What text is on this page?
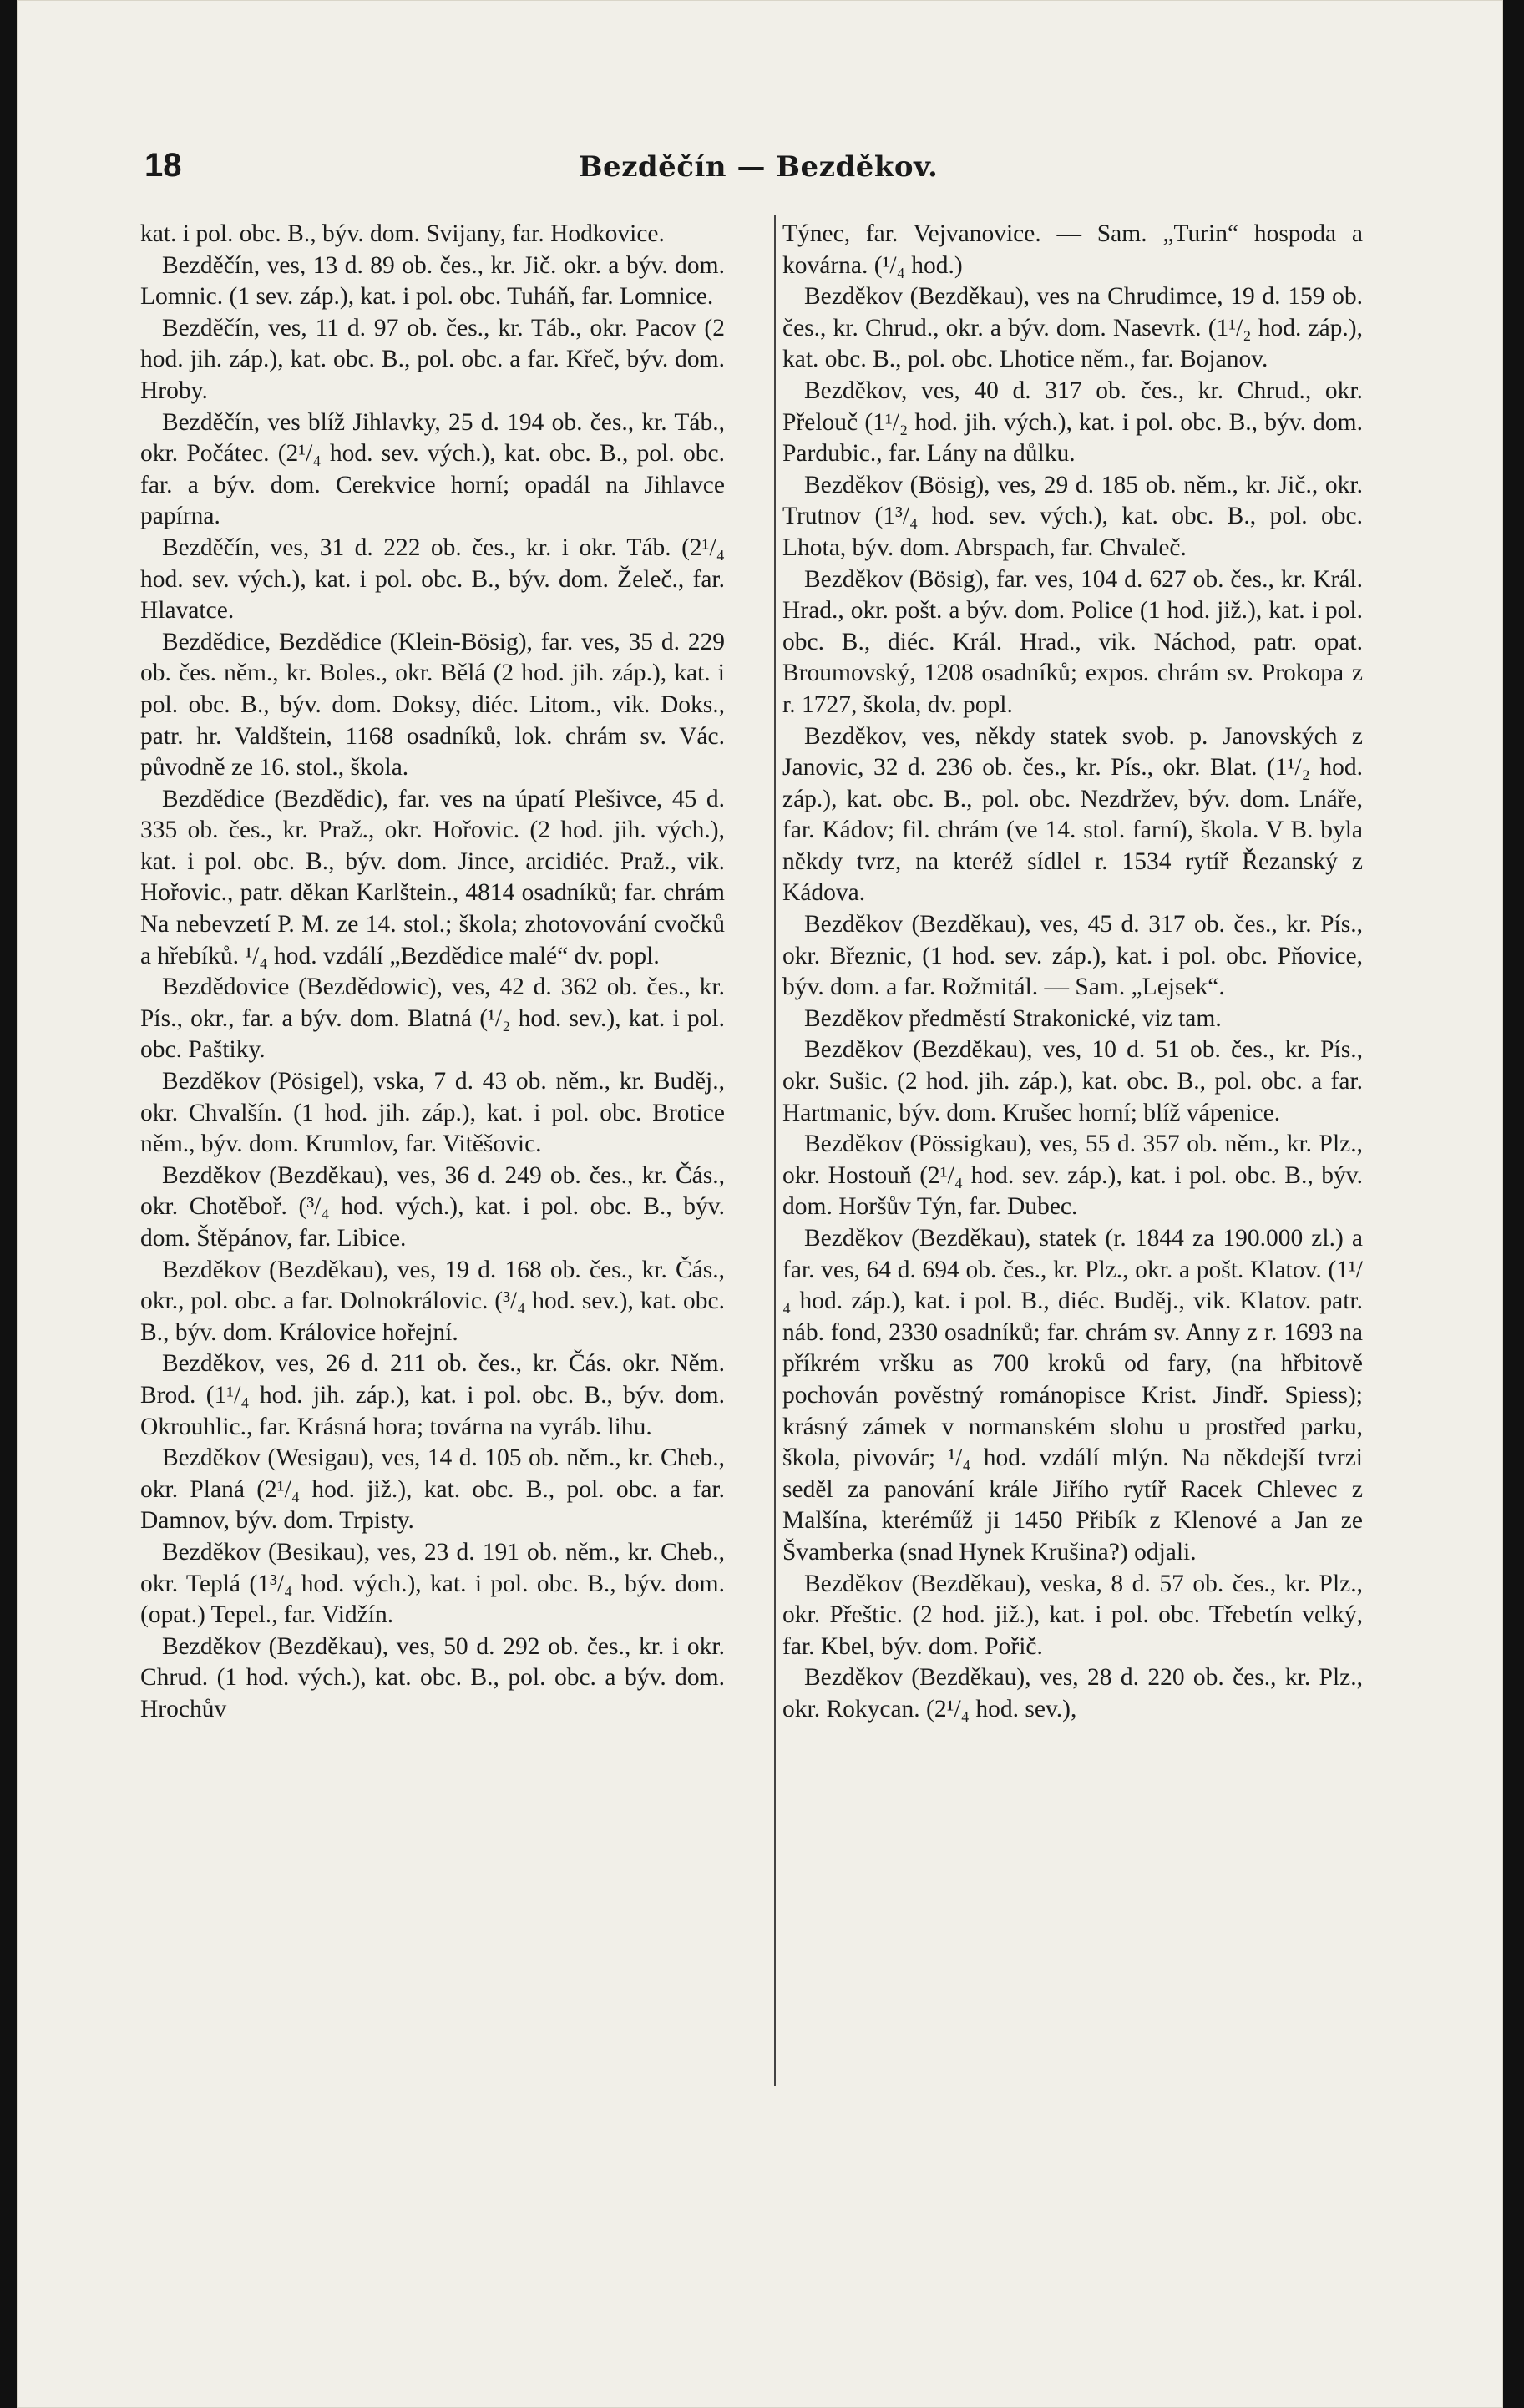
18	Bezděčín — Bezděkov.

kat. i pol. obc. B., býv. dom. Svijany, far. Hodkovice.

Bezděčín, ves, 13 d. 89 ob. čes., kr. Jič. okr. a býv. dom. Lomnic. (1 sev. záp.), kat. i pol. obc. Tuháň, far. Lomnice.

Bezděčín, ves, 11 d. 97 ob. čes., kr. Táb., okr. Pacov (2 hod. jih. záp.), kat. obc. B., pol. obc. a far. Křeč, býv. dom. Hroby.

Bezděčín, ves blíž Jihlavky, 25 d. 194 ob. čes., kr. Táb., okr. Počátec. (2¹/₄ hod. sev. vých.), kat. obc. B., pol. obc. far. a býv. dom. Cerekvice horní; opadál na Jihlavce papírna.

Bezděčín, ves, 31 d. 222 ob. čes., kr. i okr. Táb. (2¹/₄ hod. sev. vých.), kat. i pol. obc. B., býv. dom. Želeč., far. Hlavatce.

Bezdědice, Bezdědice (Klein-Bösig), far. ves, 35 d. 229 ob. čes. něm., kr. Boles., okr. Bělá (2 hod. jih. záp.), kat. i pol. obc. B., býv. dom. Doksy, diéc. Litom., vik. Doks., patr. hr. Valdštein, 1168 osadníků, lok. chrám sv. Vác. původně ze 16. stol., škola.

Bezdědice (Bezdědic), far. ves na úpatí Plešivce, 45 d. 335 ob. čes., kr. Praž., okr. Hořovic. (2 hod. jih. vých.), kat. i pol. obc. B., býv. dom. Jince, arcidiéc. Praž., vik. Hořovic., patr. děkan Karlštein., 4814 osadníků; far. chrám Na nebevzetí P. M. ze 14. stol.; škola; zhotovování cvočků a hřebíků. ¹/₄ hod. vzdálí „Bezdědice malé“ dv. popl.

Bezdědovice (Bezdědowic), ves, 42 d. 362 ob. čes., kr. Pís., okr., far. a býv. dom. Blatná (¹/₂ hod. sev.), kat. i pol. obc. Paštiky.

Bezděkov (Pösigel), vska, 7 d. 43 ob. něm., kr. Buděj., okr. Chvalšín. (1 hod. jih. záp.), kat. i pol. obc. Brotice něm., býv. dom. Krumlov, far. Vitěšovic.

Bezděkov (Bezděkau), ves, 36 d. 249 ob. čes., kr. Čás., okr. Chotěboř. (³/₄ hod. vých.), kat. i pol. obc. B., býv. dom. Štěpánov, far. Libice.

Bezděkov (Bezděkau), ves, 19 d. 168 ob. čes., kr. Čás., okr., pol. obc. a far. Dolnokrálovic. (³/₄ hod. sev.), kat. obc. B., býv. dom. Královice hořejní.

Bezděkov, ves, 26 d. 211 ob. čes., kr. Čás. okr. Něm. Brod. (1¹/₄ hod. jih. záp.), kat. i pol. obc. B., býv. dom. Okrouhlic., far. Krásná hora; továrna na vyráb. lihu.

Bezděkov (Wesigau), ves, 14 d. 105 ob. něm., kr. Cheb., okr. Planá (2¹/₄ hod. již.), kat. obc. B., pol. obc. a far. Damnov, býv. dom. Trpisty.

Bezděkov (Besikau), ves, 23 d. 191 ob. něm., kr. Cheb., okr. Teplá (1³/₄ hod. vých.), kat. i pol. obc. B., býv. dom. (opat.) Tepel., far. Vidžín.

Bezděkov (Bezděkau), ves, 50 d. 292 ob. čes., kr. i okr. Chrud. (1 hod. vých.), kat. obc. B., pol. obc. a býv. dom. Hrochův

Týnec, far. Vejvanovice. — Sam. „Turin“ hospoda a kovárna. (¹/₄ hod.)

Bezděkov (Bezděkau), ves na Chrudimce, 19 d. 159 ob. čes., kr. Chrud., okr. a býv. dom. Nasevrk. (1¹/₂ hod. záp.), kat. obc. B., pol. obc. Lhotice něm., far. Bojanov.

Bezděkov, ves, 40 d. 317 ob. čes., kr. Chrud., okr. Přelouč (1¹/₂ hod. jih. vých.), kat. i pol. obc. B., býv. dom. Pardubic., far. Lány na důlku.

Bezděkov (Bösig), ves, 29 d. 185 ob. něm., kr. Jič., okr. Trutnov (1³/₄ hod. sev. vých.), kat. obc. B., pol. obc. Lhota, býv. dom. Abrspach, far. Chvaleč.

Bezděkov (Bösig), far. ves, 104 d. 627 ob. čes., kr. Král. Hrad., okr. pošt. a býv. dom. Police (1 hod. již.), kat. i pol. obc. B., diéc. Král. Hrad., vik. Náchod, patr. opat. Broumovský, 1208 osadníků; expos. chrám sv. Prokopa z r. 1727, škola, dv. popl.

Bezděkov, ves, někdy statek svob. p. Janovských z Janovic, 32 d. 236 ob. čes., kr. Pís., okr. Blat. (1¹/₂ hod. záp.), kat. obc. B., pol. obc. Nezdržev, býv. dom. Lnáře, far. Kádov; fil. chrám (ve 14. stol. farní), škola. V B. byla někdy tvrz, na kteréž sídlel r. 1534 rytíř Řezanský z Kádova.

Bezděkov (Bezděkau), ves, 45 d. 317 ob. čes., kr. Pís., okr. Březnic, (1 hod. sev. záp.), kat. i pol. obc. Pňovice, býv. dom. a far. Rožmitál. — Sam. „Lejsek“.

Bezděkov předměstí Strakonické, viz tam.

Bezděkov (Bezděkau), ves, 10 d. 51 ob. čes., kr. Pís., okr. Sušic. (2 hod. jih. záp.), kat. obc. B., pol. obc. a far. Hartmanic, býv. dom. Krušec horní; blíž vápenice.

Bezděkov (Pössigkau), ves, 55 d. 357 ob. něm., kr. Plz., okr. Hostouň (2¹/₄ hod. sev. záp.), kat. i pol. obc. B., býv. dom. Horšův Týn, far. Dubec.

Bezděkov (Bezděkau), statek (r. 1844 za 190.000 zl.) a far. ves, 64 d. 694 ob. čes., kr. Plz., okr. a pošt. Klatov. (1¹/₄ hod. záp.), kat. i pol. B., diéc. Buděj., vik. Klatov. patr. náb. fond, 2330 osadníků; far. chrám sv. Anny z r. 1693 na příkrém vršku as 700 kroků od fary, (na hřbitově pochován pověstný románopisce Krist. Jindř. Spiess); krásný zámek v normanském slohu u prostřed parku, škola, pivovár; ¹/₄ hod. vzdálí mlýn. Na někdejší tvrzi seděl za panování krále Jiřího rytíř Racek Chlevec z Malšína, kteréműž ji 1450 Přibík z Klenové a Jan ze Švamberka (snad Hynek Krušina?) odjali.

Bezděkov (Bezděkau), veska, 8 d. 57 ob. čes., kr. Plz., okr. Přeštic. (2 hod. již.), kat. i pol. obc. Třebetín velký, far. Kbel, býv. dom. Pořič.

Bezděkov (Bezděkau), ves, 28 d. 220 ob. čes., kr. Plz., okr. Rokycan. (2¹/₄ hod. sev.),
